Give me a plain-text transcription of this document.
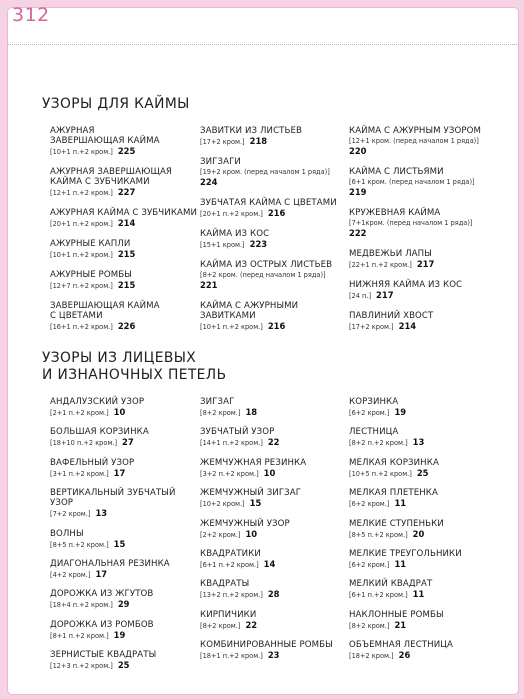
312
УЗОРЫ ДЛЯ КАЙМЫ
УЗОРЫ ИЗ ЛИЦЕВЫХ
И ИЗНАНОЧНЫХ ПЕТЕЛЬ
АЖУРНАЯ
ЗАВЕРШАЮЩАЯ КАЙМА
[10+1 п.+2 кром.] 225
АЖУРНАЯ ЗАВЕРШАЮЩАЯ
КАЙМА С ЗУБЧИКАМИ
[12+1 п.+2 кром.] 227
АЖУРНАЯ КАЙМА С ЗУБЧИКАМИ
[20+1 п.+2 кром.] 214
АЖУРНЫЕ КАПЛИ
[10+1 п.+2 кром.] 215
АЖУРНЫЕ РОМБЫ
[12+7 п.+2 кром.] 215
ЗАВЕРШАЮЩАЯ КАЙМА
С ЦВЕТАМИ
[16+1 п.+2 кром.] 226
ЗАВИТКИ ИЗ ЛИСТЬЕВ
[17+2 кром.] 218
ЗИГЗАГИ
[19+2 кром. (перед началом 1 ряда)]
224
ЗУБЧАТАЯ КАЙМА С ЦВЕТАМИ
[20+1 п.+2 кром.] 216
КАЙМА ИЗ КОС
[15+1 кром.] 223
КАЙМА ИЗ ОСТРЫХ ЛИСТЬЕВ
[8+2 кром. (перед началом 1 ряда)]
221
КАЙМА С АЖУРНЫМИ
ЗАВИТКАМИ
[10+1 п.+2 кром.] 216
КАЙМА С АЖУРНЫМ УЗОРОМ
[12+1 кром. (перед началом 1 ряда)]
220
КАЙМА С ЛИСТЬЯМИ
[6+1 кром. (перед началом 1 ряда)]
219
КРУЖЕВНАЯ КАЙМА
[7+1кром. (перед началом 1 ряда)]
222
МЕДВЕЖЬИ ЛАПЫ
[22+1 п.+2 кром.] 217
НИЖНЯЯ КАЙМА ИЗ КОС
[24 п.] 217
ПАВЛИНИЙ ХВОСТ
[17+2 кром.] 214
АНДАЛУЗСКИЙ УЗОР
[2+1 п.+2 кром.] 10
БОЛЬШАЯ КОРЗИНКА
[18+10 п.+2 кром.] 27
ВАФЕЛЬНЫЙ УЗОР
[3+1 п.+2 кром.] 17
ВЕРТИКАЛЬНЫЙ ЗУБЧАТЫЙ УЗОР
[7+2 кром.] 13
ВОЛНЫ
[8+5 п.+2 кром.] 15
ДИАГОНАЛЬНАЯ РЕЗИНКА
[4+2 кром.] 17
ДОРОЖКА ИЗ ЖГУТОВ
[18+4 п.+2 кром.] 29
ДОРОЖКА ИЗ РОМБОВ
[8+1 п.+2 кром.] 19
ЗЕРНИСТЫЕ КВАДРАТЫ
[12+3 п.+2 кром.] 25
ЗИГЗАГ
[8+2 кром.] 18
ЗУБЧАТЫЙ УЗОР
[14+1 п.+2 кром.] 22
ЖЕМЧУЖНАЯ РЕЗИНКА
[3+2 п.+2 кром.] 10
ЖЕМЧУЖНЫЙ ЗИГЗАГ
[10+2 кром.] 15
ЖЕМЧУЖНЫЙ УЗОР
[2+2 кром.] 10
КВАДРАТИКИ
[6+1 п.+2 кром.] 14
КВАДРАТЫ
[13+2 п.+2 кром.] 28
КИРПИЧИКИ
[8+2 кром.] 22
КОМБИНИРОВАННЫЕ РОМБЫ
[18+1 п.+2 кром.] 23
КОРЗИНКА
[6+2 кром.] 19
ЛЕСТНИЦА
[8+2 п.+2 кром.] 13
МЕЛКАЯ КОРЗИНКА
[10+5 п.+2 кром.] 25
МЕЛКАЯ ПЛЕТЕНКА
[6+2 кром.] 11
МЕЛКИЕ СТУПЕНЬКИ
[8+5 п.+2 кром.] 20
МЕЛКИЕ ТРЕУГОЛЬНИКИ
[6+2 кром.] 11
МЕЛКИЙ КВАДРАТ
[6+1 п.+2 кром.] 11
НАКЛОННЫЕ РОМБЫ
[8+2 кром.] 21
ОБЪЕМНАЯ ЛЕСТНИЦА
[18+2 кром.] 26
